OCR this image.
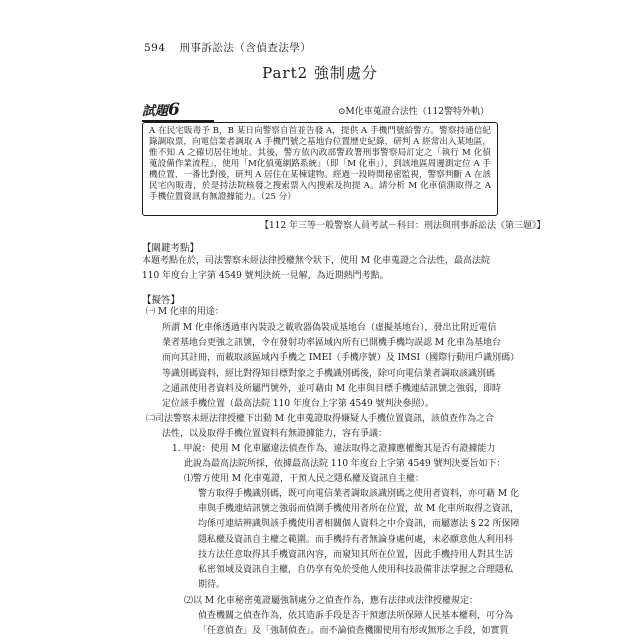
594 刑事訴訟法（含偵查法學）
Part2 強制處分
試題6	⊙M化車蒐證合法性（112警特外軌）

A 在民宅販毒予 B，B 某日向警察自首並告發 A，提供 A 手機門號給警方。警察持通信紀錄調取票，向電信業者調取 A 手機門號之基地台位置歷史紀錄，研判 A 經常出入某地區，惟不知 A 之確切居住地址。其後，警方依內政部警政署刑事警察局訂定之「執行 M 化偵蒐設備作業流程」，使用「M化偵蒐網路系統」（即「M 化車」），到該地區周邊測定位 A 手機位置，一番比對後，研判 A 居住在某棟建物。經過一段時間秘密監視，警察判斷 A 在該民宅內販毒，於是持法院核發之搜索票入內搜索及拘提 A。請分析 M 化車偵測取得之 A 手機位置資訊有無證據能力。（25 分）

【112 年三等一般警察人員考試－科目：刑法與刑事訴訟法《第三題》】
【關鍵考點】
本題考點在於，司法警察未經法律授權無令狀下，使用 M 化車蒐證之合法性，最高法院
110 年度台上字第 4549 號判決統一見解，為近期熱門考點。
【擬答】
㈠ M 化車的用途：
所謂 M 化車係透過車內裝設之載收器偽裝成基地台（虛擬基地台），發出比附近電信
業者基地台更強之訊號，令在發射功率區域內所有已開機手機均誤認 M 化車為基地台
而向其註冊，而載取該區域內手機之 IMEI（手機序號）及 IMSI（國際行動用戶識別碼）
等識別碼資料，經比對得知目標對象之手機識別碼後，除可向電信業者調取該識別碼
之通訊使用者資料及所屬門號外，並可藉由 M 化車與目標手機連結訊號之強弱，即時
定位該手機位置（最高法院 110 年度台上字第 4549 號判決參照）。
㈡司法警察未經法律授權下出動 M 化車蒐證取得嫌疑人手機位置資訊，該偵查作為之合
法性，以及取得手機位置資料有無證據能力，容有爭議：
1. 甲說：使用 M 化車屬違法偵查作為，違法取得之證據應權衡其是否有證據能力
此說為最高法院所採，依據最高法院 110 年度台上字第 4549 號判決要旨如下：
⑴警方使用 M 化車蒐證，干預人民之隱私權及資訊自主權：
警方取得手機識別碼，既可向電信業者調取該識別碼之使用者資料，亦可藉 M 化
車與手機連結訊號之強弱而偵測手機使用者所在位置，故 M 化車所取得之資訊，
均係可連結辨識與該手機使用者相關個人資料之中介資訊，而屬憲法 § 22 所保障
隱私權及資訊自主權之範圍。而手機持有者無論身處何處，未必願意他人利用科
技方法任意取得其手機資訊內容，而窺知其所在位置，因此手機持用人對其生活
私密領域及資訊自主權，自仍享有免於受他人使用科技設備非法掌握之合理隱私
期待。
⑵以 M 化車秘密蒐證屬強制處分之偵查作為，應有法律或法律授權規定：
偵查機關之偵查作為，依其造訴手段是否干預憲法所保障人民基本權利，可分為
「任意偵查」及「強制偵查」。而不論偵查機關使用有形或無形之手段，如實質
